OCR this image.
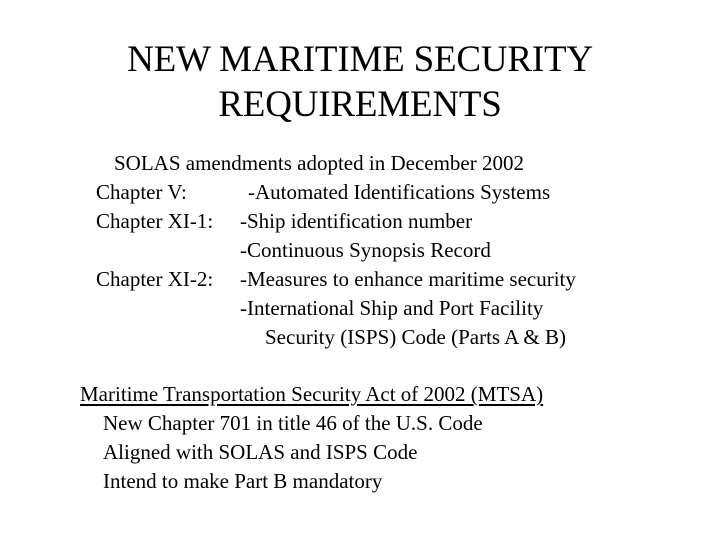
NEW MARITIME SECURITY
REQUIREMENTS
SOLAS amendments adopted in December 2002
Chapter V:	-Automated Identifications Systems
Chapter XI-1: -Ship identification number
-Continuous Synopsis Record
Chapter XI-2: -Measures to enhance maritime security
-International Ship and Port Facility
Security (ISPS) Code (Parts A & B)
Maritime Transportation Security Act of 2002 (MTSA)
New Chapter 701 in title 46 of the U.S. Code
Aligned with SOLAS and ISPS Code
Intend to make Part B mandatory
